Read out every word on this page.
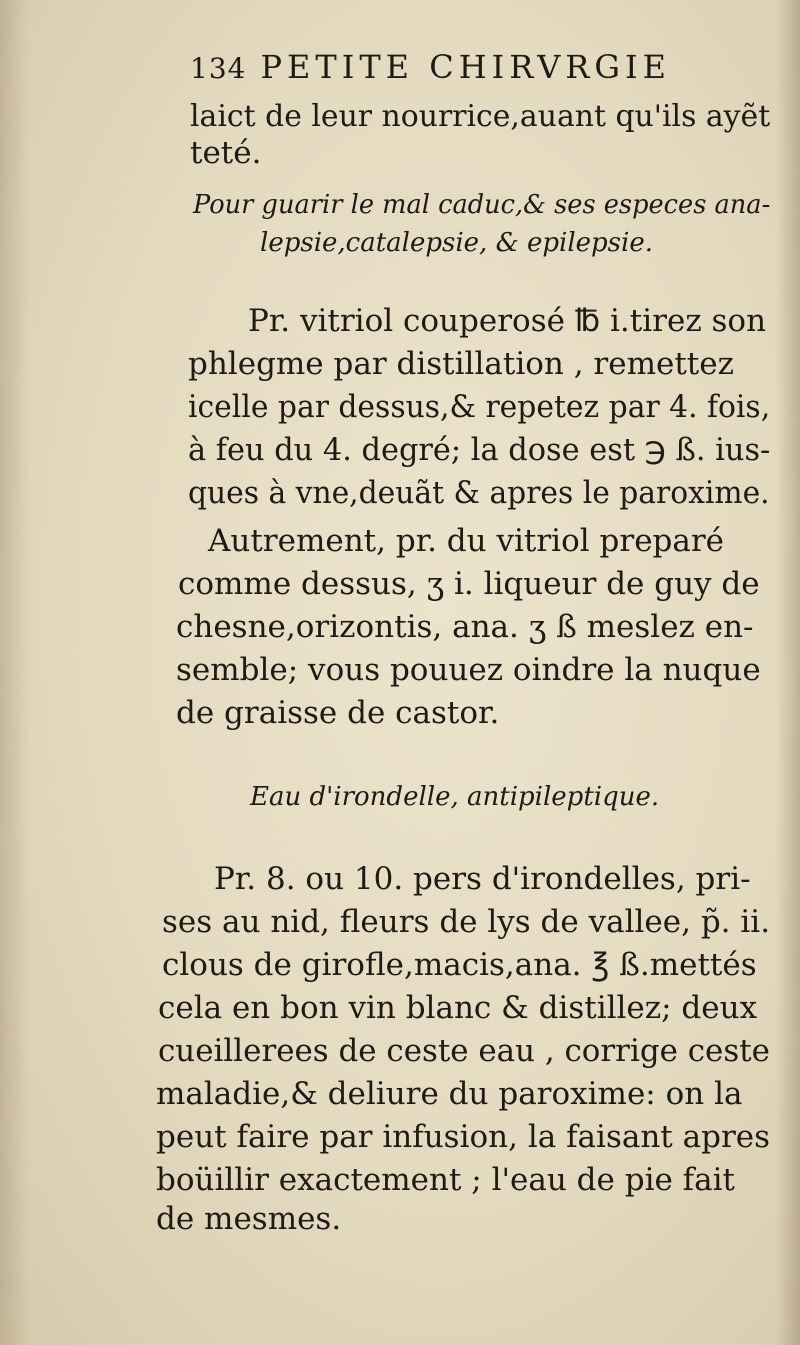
134 PETITE CHIRVRGIE
laict de leur nourrice,auant qu'ils ayẽt
teté.
Pour guarir le mal caduc,& ses especes ana-
lepsie,catalepsie, & epilepsie.
Pr. vitriol couperosé ℔ i.tirez son
phlegme par distillation , remettez
icelle par dessus,& repetez par 4. fois,
à feu du 4. degré; la dose est ℈ ß. ius-
ques à vne,deuãt & apres le paroxime.
Autrement, pr. du vitriol preparé
comme dessus, ʒ i. liqueur de guy de
chesne,orizontis, ana. ʒ ß meslez en-
semble; vous pouuez oindre la nuque
de graisse de castor.
Eau d'irondelle, antipileptique.
Pr. 8. ou 10. pers d'irondelles, pri-
ses au nid, fleurs de lys de vallee, p̃. ii.
clous de girofle,macis,ana. ℥ ß.mettés
cela en bon vin blanc & distillez; deux
cueillerees de ceste eau , corrige ceste
maladie,& deliure du paroxime: on la
peut faire par infusion, la faisant apres
boüillir exactement ; l'eau de pie fait
de mesmes.
